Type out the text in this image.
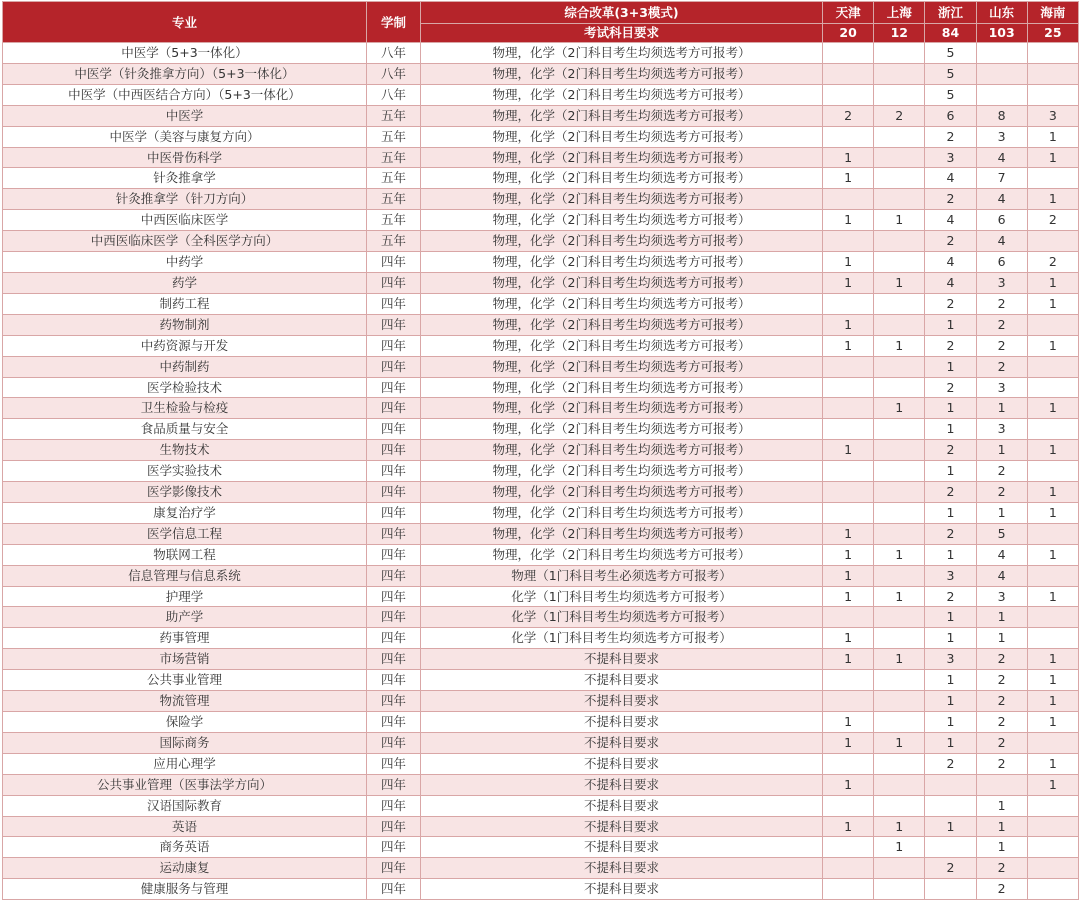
专业	学制	综合改革(3+3模式)	天津	上海	浙江	山东	海南
		考试科目要求	20	12	84	103	25
中医学（5+3一体化）	八年	物理，化学（2门科目考生均须选考方可报考）			5		
中医学（针灸推拿方向）（5+3一体化）	八年	物理，化学（2门科目考生均须选考方可报考）			5		
中医学（中西医结合方向）（5+3一体化）	八年	物理，化学（2门科目考生均须选考方可报考）			5		
中医学	五年	物理，化学（2门科目考生均须选考方可报考）	2	2	6	8	3
中医学（美容与康复方向）	五年	物理，化学（2门科目考生均须选考方可报考）			2	3	1
中医骨伤科学	五年	物理，化学（2门科目考生均须选考方可报考）	1		3	4	1
针灸推拿学	五年	物理，化学（2门科目考生均须选考方可报考）	1		4	7	
针灸推拿学（针刀方向）	五年	物理，化学（2门科目考生均须选考方可报考）			2	4	1
中西医临床医学	五年	物理，化学（2门科目考生均须选考方可报考）	1	1	4	6	2
中西医临床医学（全科医学方向）	五年	物理，化学（2门科目考生均须选考方可报考）			2	4	
中药学	四年	物理，化学（2门科目考生均须选考方可报考）	1		4	6	2
药学	四年	物理，化学（2门科目考生均须选考方可报考）	1	1	4	3	1
制药工程	四年	物理，化学（2门科目考生均须选考方可报考）			2	2	1
药物制剂	四年	物理，化学（2门科目考生均须选考方可报考）	1		1	2	
中药资源与开发	四年	物理，化学（2门科目考生均须选考方可报考）	1	1	2	2	1
中药制药	四年	物理，化学（2门科目考生均须选考方可报考）			1	2	
医学检验技术	四年	物理，化学（2门科目考生均须选考方可报考）			2	3	
卫生检验与检疫	四年	物理，化学（2门科目考生均须选考方可报考）		1	1	1	1
食品质量与安全	四年	物理，化学（2门科目考生均须选考方可报考）			1	3	
生物技术	四年	物理，化学（2门科目考生均须选考方可报考）	1		2	1	1
医学实验技术	四年	物理，化学（2门科目考生均须选考方可报考）			1	2	
医学影像技术	四年	物理，化学（2门科目考生均须选考方可报考）			2	2	1
康复治疗学	四年	物理，化学（2门科目考生均须选考方可报考）			1	1	1
医学信息工程	四年	物理，化学（2门科目考生均须选考方可报考）	1		2	5	
物联网工程	四年	物理，化学（2门科目考生均须选考方可报考）	1	1	1	4	1
信息管理与信息系统	四年	物理（1门科目考生必须选考方可报考）	1		3	4	
护理学	四年	化学（1门科目考生均须选考方可报考）	1	1	2	3	1
助产学	四年	化学（1门科目考生均须选考方可报考）			1	1	
药事管理	四年	化学（1门科目考生均须选考方可报考）	1		1	1	
市场营销	四年	不提科目要求	1	1	3	2	1
公共事业管理	四年	不提科目要求			1	2	1
物流管理	四年	不提科目要求			1	2	1
保险学	四年	不提科目要求	1		1	2	1
国际商务	四年	不提科目要求	1	1	1	2	
应用心理学	四年	不提科目要求			2	2	1
公共事业管理（医事法学方向）	四年	不提科目要求	1				1
汉语国际教育	四年	不提科目要求				1	
英语	四年	不提科目要求	1	1	1	1	
商务英语	四年	不提科目要求		1		1	
运动康复	四年	不提科目要求			2	2	
健康服务与管理	四年	不提科目要求				2	
